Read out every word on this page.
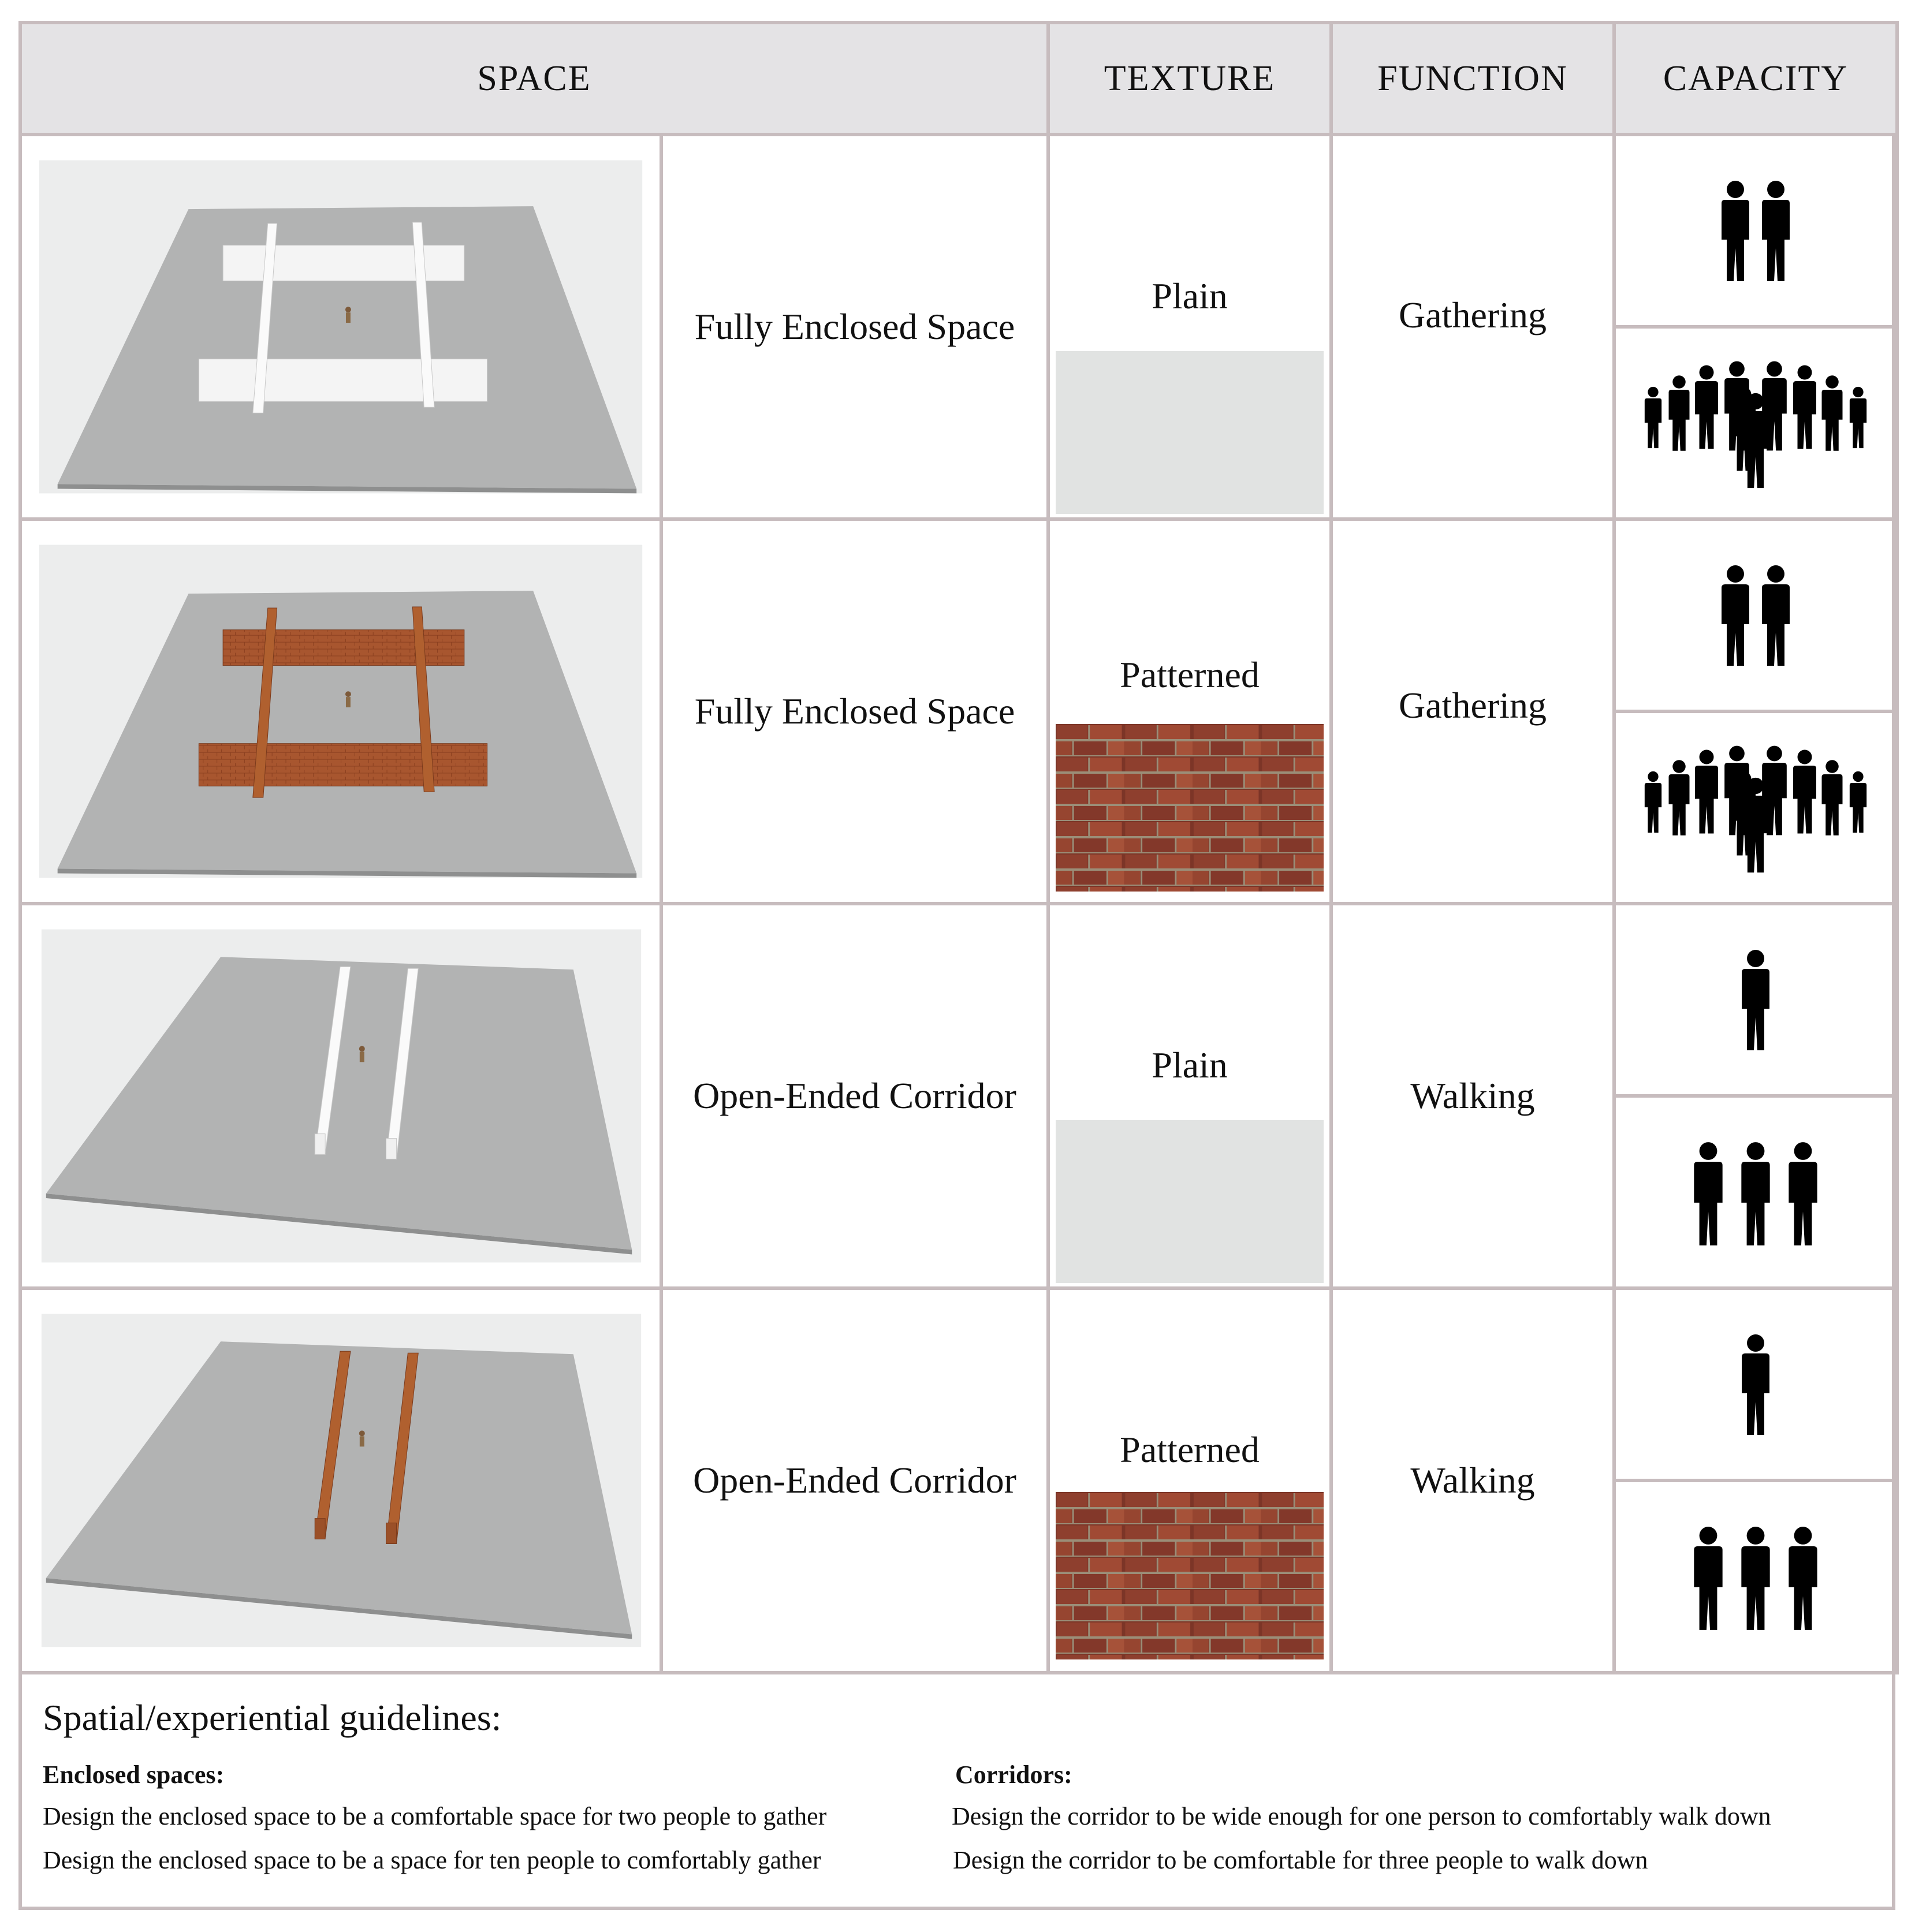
SPACE		TEXTURE	FUNCTION	CAPACITY

	Fully Enclosed Space	Plain	Gathering	

	Fully Enclosed Space	Patterned	Gathering	

	Open-Ended Corridor	Plain	Walking	

	Open-Ended Corridor	Patterned	Walking	

Spatial/experiential guidelines:
Enclosed spaces:
Design the enclosed space to be a comfortable space for two people to gather
Design the enclosed space to be a space for ten people to comfortably gather
Corridors:
Design the corridor to be wide enough for one person to comfortably walk down
Design the corridor to be comfortable for three people to walk down
